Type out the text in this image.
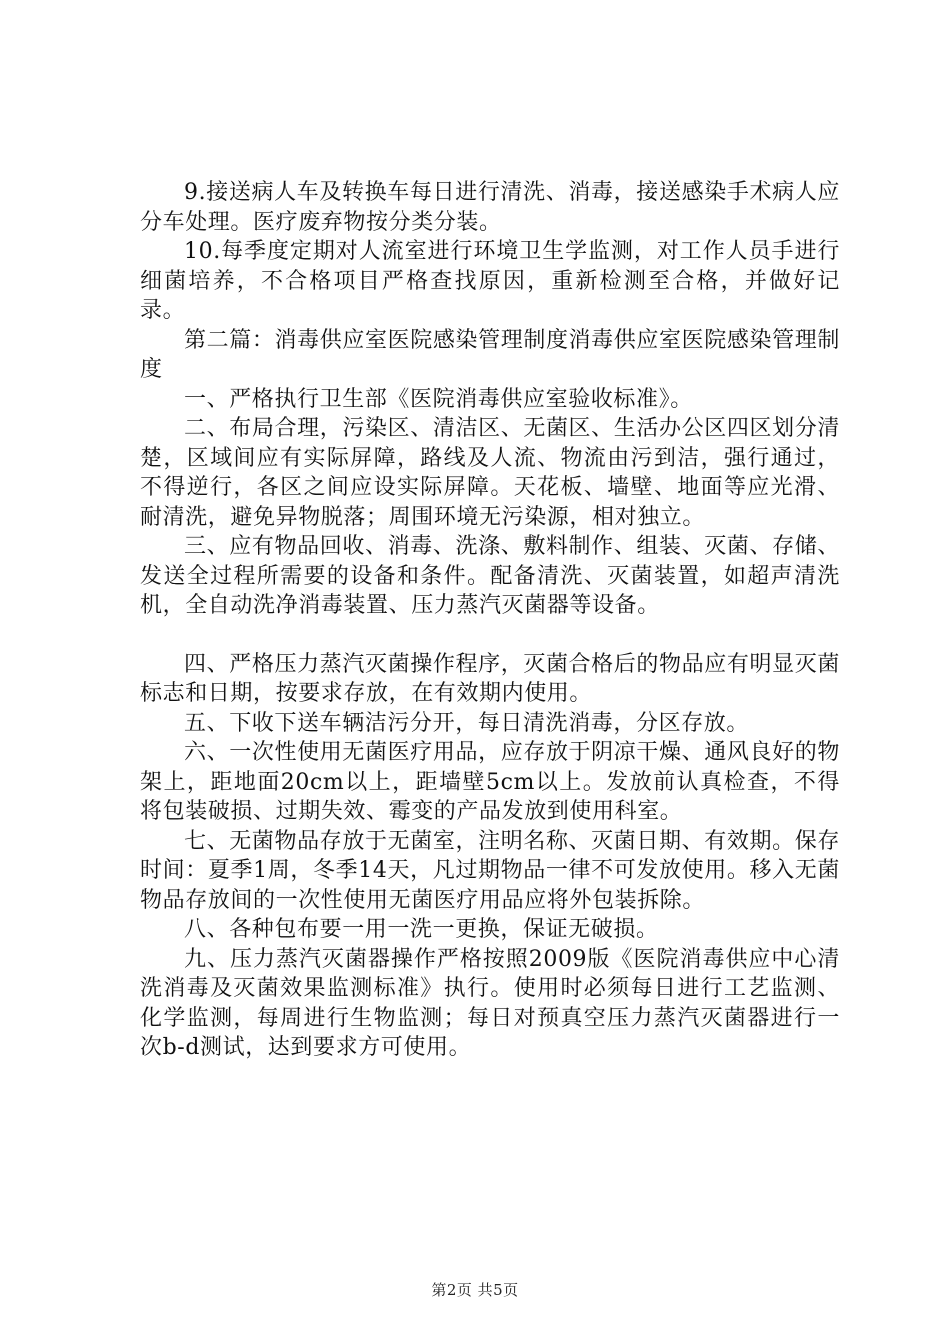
9.接送病人车及转换车每日进行清洗、消毒，接送感染手术病人应分车处理。医疗废弃物按分类分装。

10.每季度定期对人流室进行环境卫生学监测，对工作人员手进行细菌培养，不合格项目严格查找原因，重新检测至合格，并做好记录。

第二篇：消毒供应室医院感染管理制度消毒供应室医院感染管理制度

一、严格执行卫生部《医院消毒供应室验收标准》。

二、布局合理，污染区、清洁区、无菌区、生活办公区四区划分清楚，区域间应有实际屏障，路线及人流、物流由污到洁，强行通过，不得逆行，各区之间应设实际屏障。天花板、墙壁、地面等应光滑、耐清洗，避免异物脱落；周围环境无污染源，相对独立。

三、应有物品回收、消毒、洗涤、敷料制作、组装、灭菌、存储、发送全过程所需要的设备和条件。配备清洗、灭菌装置，如超声清洗机，全自动洗净消毒装置、压力蒸汽灭菌器等设备。

四、严格压力蒸汽灭菌操作程序，灭菌合格后的物品应有明显灭菌标志和日期，按要求存放，在有效期内使用。

五、下收下送车辆洁污分开，每日清洗消毒，分区存放。

六、一次性使用无菌医疗用品，应存放于阴凉干燥、通风良好的物架上，距地面20cm以上，距墙壁5cm以上。发放前认真检查，不得将包装破损、过期失效、霉变的产品发放到使用科室。

七、无菌物品存放于无菌室，注明名称、灭菌日期、有效期。保存时间：夏季1周，冬季14天，凡过期物品一律不可发放使用。移入无菌物品存放间的一次性使用无菌医疗用品应将外包装拆除。

八、各种包布要一用一洗一更换，保证无破损。

九、压力蒸汽灭菌器操作严格按照2009版《医院消毒供应中心清洗消毒及灭菌效果监测标准》执行。使用时必须每日进行工艺监测、化学监测，每周进行生物监测；每日对预真空压力蒸汽灭菌器进行一次b-d测试，达到要求方可使用。

第2页 共5页
